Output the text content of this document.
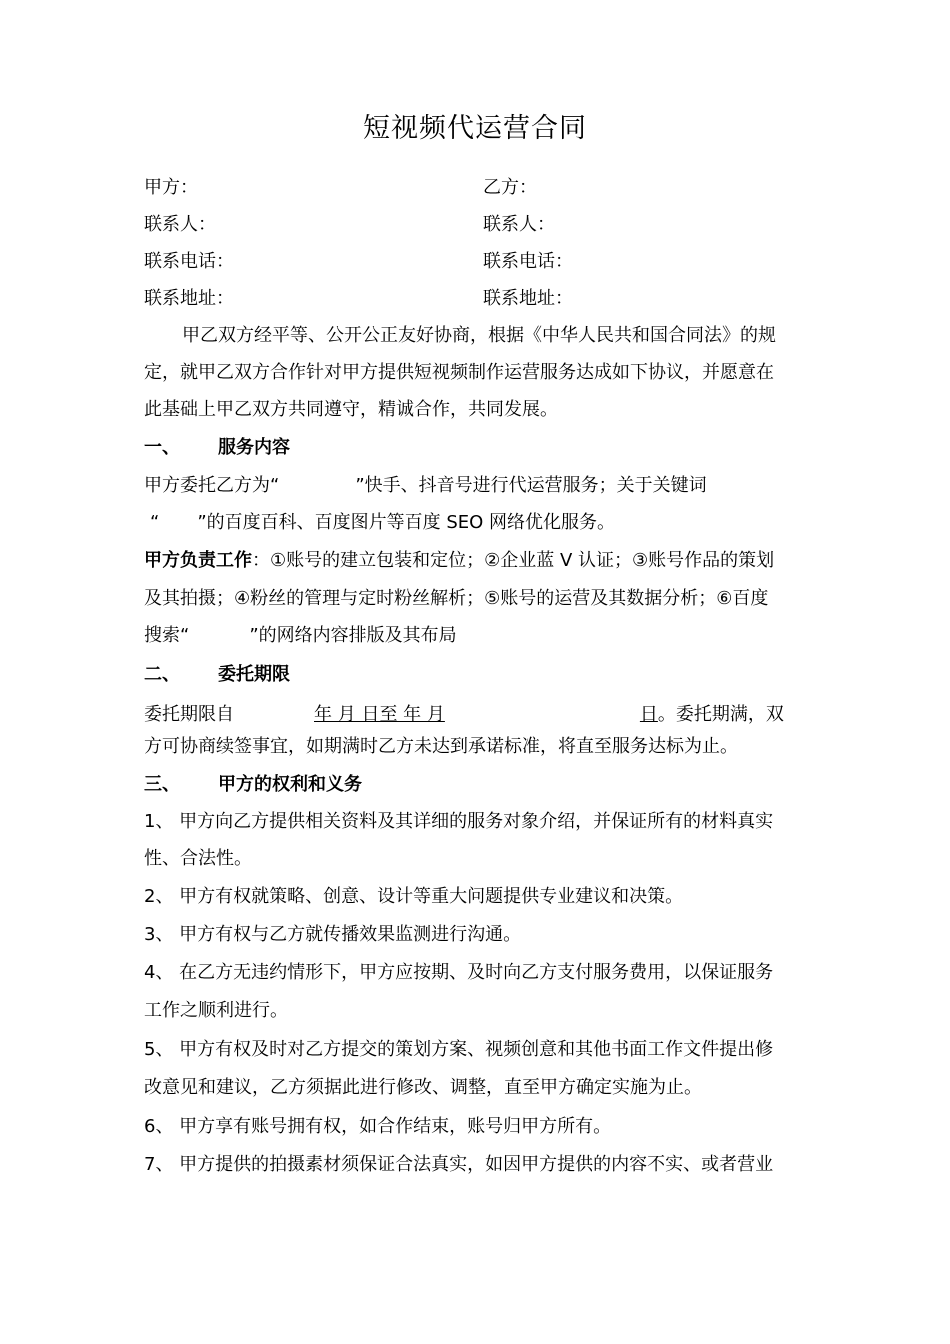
短视频代运营合同
甲方：	乙方：
联系人：	联系人：
联系电话：	联系电话：
联系地址：	联系地址：
甲乙双方经平等、公开公正友好协商，根据《中华人民共和国合同法》的规
定，就甲乙双方合作针对甲方提供短视频制作运营服务达成如下协议，并愿意在
此基础上甲乙双方共同遵守，精诚合作，共同发展。
一、 服务内容
甲方委托乙方为“	”快手、抖音号进行代运营服务；关于关键词
“ ”的百度百科、百度图片等百度 SEO 网络优化服务。
甲方负责工作：①账号的建立包装和定位；②企业蓝 V 认证；③账号作品的策划
及其拍摄；④粉丝的管理与定时粉丝解析；⑤账号的运营及其数据分析；⑥百度
搜索“	”的网络内容排版及其布局
二、 委托期限
委托期限自	年 月 日至 年 月	日。委托期满，双
方可协商续签事宜，如期满时乙方未达到承诺标准，将直至服务达标为止。
三、 甲方的权利和义务
1、 甲方向乙方提供相关资料及其详细的服务对象介绍，并保证所有的材料真实
性、合法性。
2、 甲方有权就策略、创意、设计等重大问题提供专业建议和决策。
3、 甲方有权与乙方就传播效果监测进行沟通。
4、 在乙方无违约情形下，甲方应按期、及时向乙方支付服务费用，以保证服务
工作之顺利进行。
5、 甲方有权及时对乙方提交的策划方案、视频创意和其他书面工作文件提出修
改意见和建议，乙方须据此进行修改、调整，直至甲方确定实施为止。
6、 甲方享有账号拥有权，如合作结束，账号归甲方所有。
7、 甲方提供的拍摄素材须保证合法真实，如因甲方提供的内容不实、或者营业
